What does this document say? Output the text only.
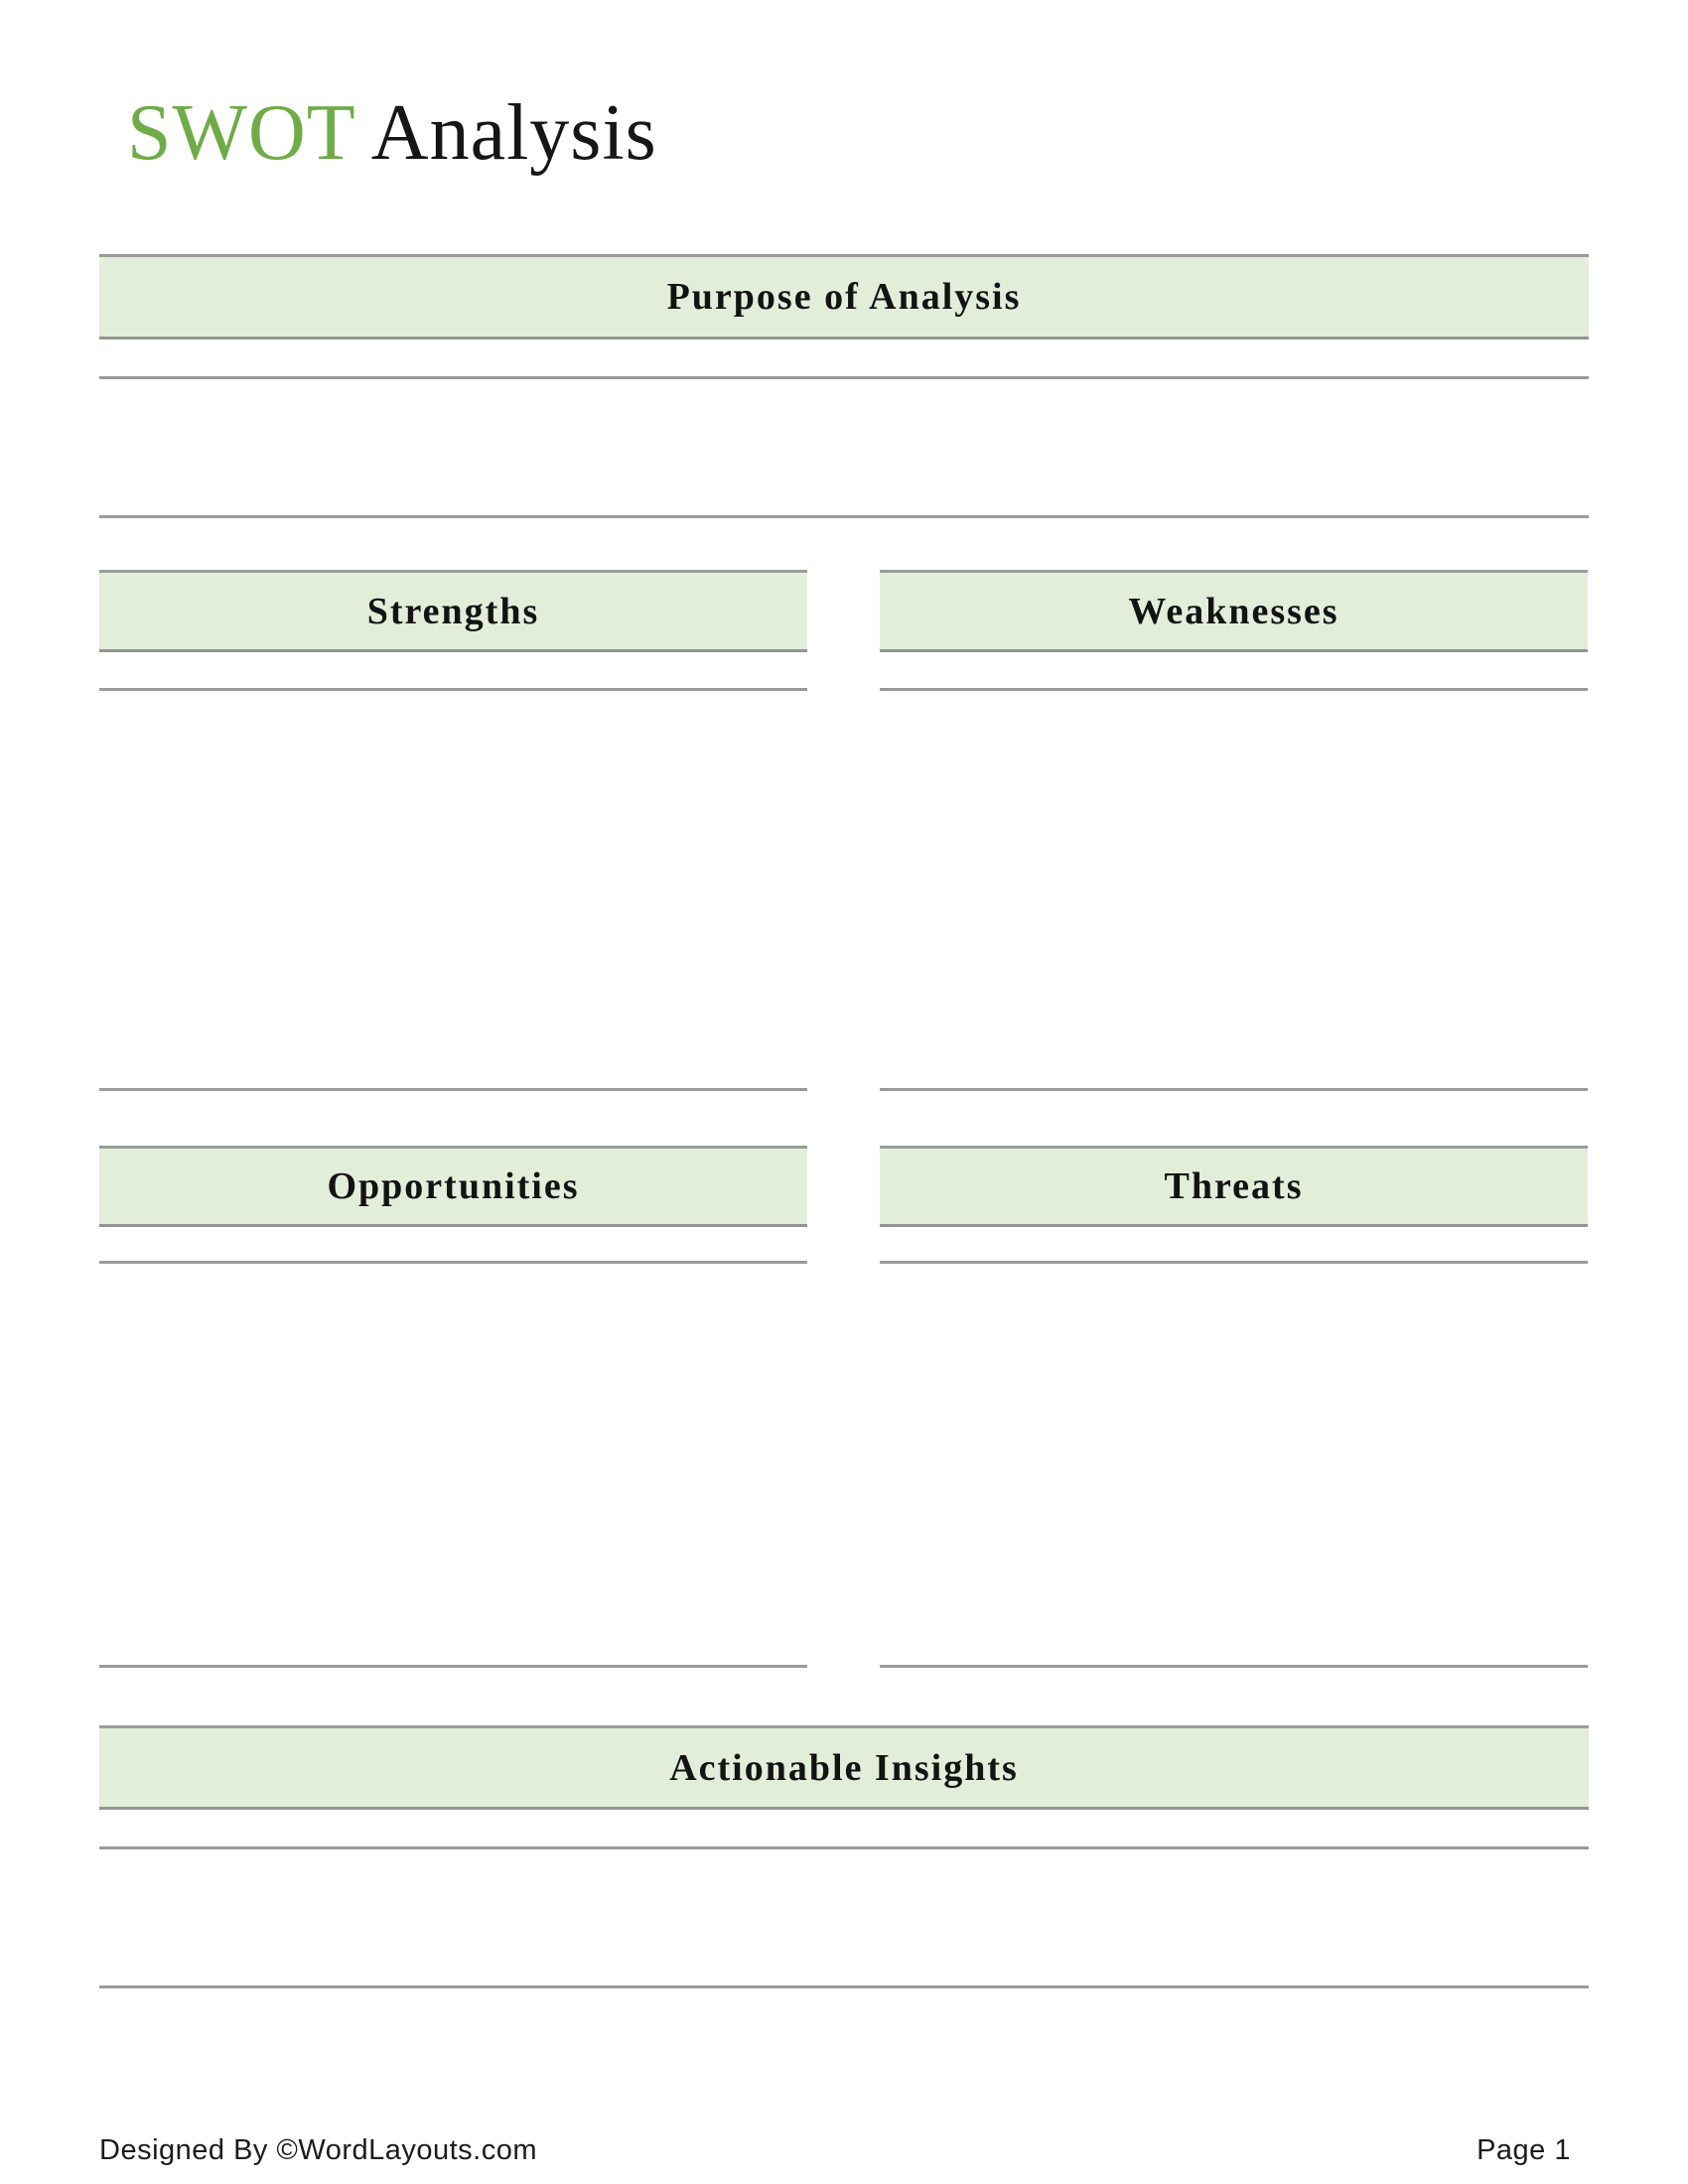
SWOT Analysis
Purpose of Analysis
Strengths	Weaknesses
Opportunities	Threats
Actionable Insights
Designed By ©WordLayouts.com	Page 1
